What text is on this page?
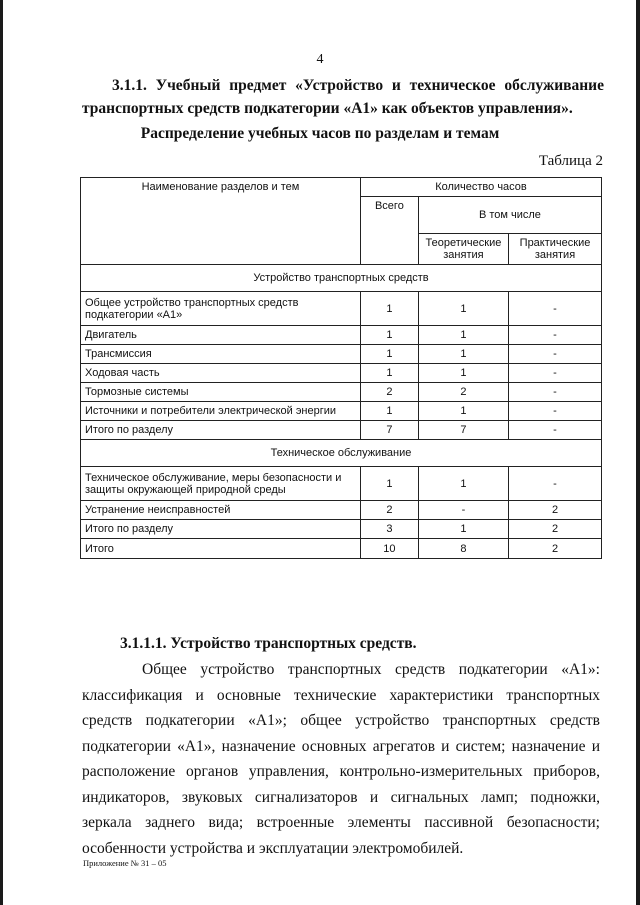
4
3.1.1. Учебный предмет «Устройство и техническое обслуживание
транспортных средств подкатегории «А1» как объектов управления».
Распределение учебных часов по разделам и темам
Таблица 2
Наименование разделов и тем	Количество часов		
	Всего	В том числе	
		Теоретические занятия	Практические занятия
Устройство транспортных средств			
Общее устройство транспортных средств подкатегории «А1»	1	1	-
Двигатель	1	1	-
Трансмиссия	1	1	-
Ходовая часть	1	1	-
Тормозные системы	2	2	-
Источники и потребители электрической энергии	1	1	-
Итого по разделу	7	7	-
Техническое обслуживание			
Техническое обслуживание, меры безопасности и защиты окружающей природной среды	1	1	-
Устранение неисправностей	2	-	2
Итого по разделу	3	1	2
Итого	10	8	2
3.1.1.1. Устройство транспортных средств.
Общее устройство транспортных средств подкатегории «А1»: классификация и основные технические характеристики транспортных средств подкатегории «А1»; общее устройство транспортных средств подкатегории «А1», назначение основных агрегатов и систем; назначение и расположение органов управления, контрольно-измерительных приборов, индикаторов, звуковых сигнализаторов и сигнальных ламп; подножки, зеркала заднего вида; встроенные элементы пассивной безопасности; особенности устройства и эксплуатации электромобилей.
Приложение № 31 – 05
